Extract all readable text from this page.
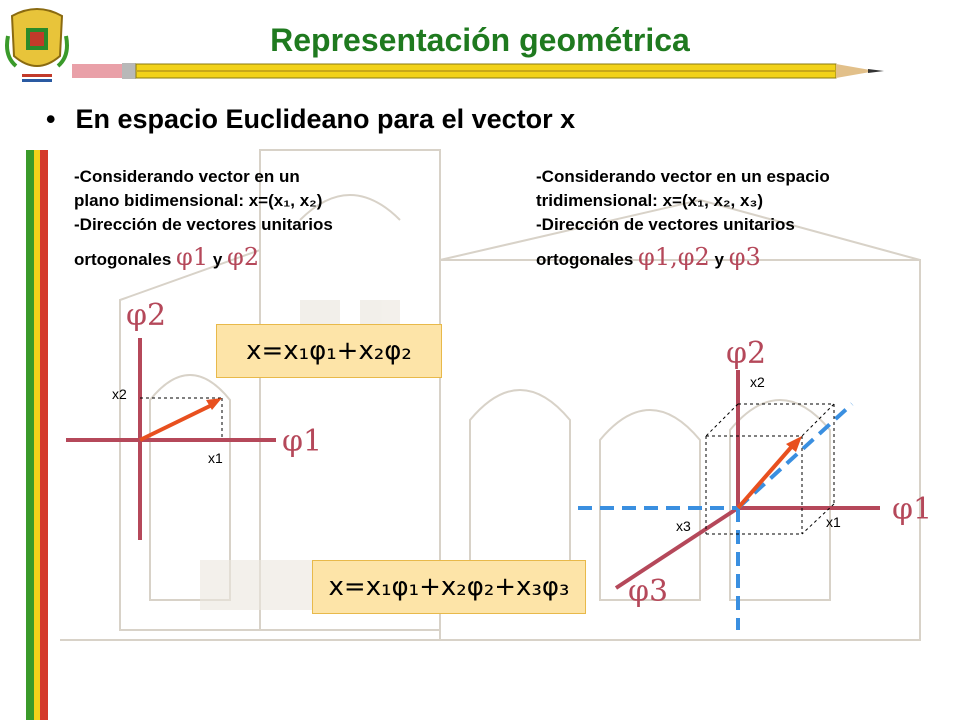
Representación geométrica
• En espacio Euclideano para el vector x
-Considerando vector en un
plano bidimensional: x=(x₁, x₂)
-Dirección de vectores unitarios
ortogonales φ1 y φ2
-Considerando vector en un espacio
tridimensional: x=(x₁, x₂, x₃)
-Dirección de vectores unitarios
ortogonales φ1,φ2 y φ3
φ2
φ1
x2
x1
φ2
φ1
φ3
x2
x1
x3
x=x₁φ₁+x₂φ₂
x=x₁φ₁+x₂φ₂+x₃φ₃
